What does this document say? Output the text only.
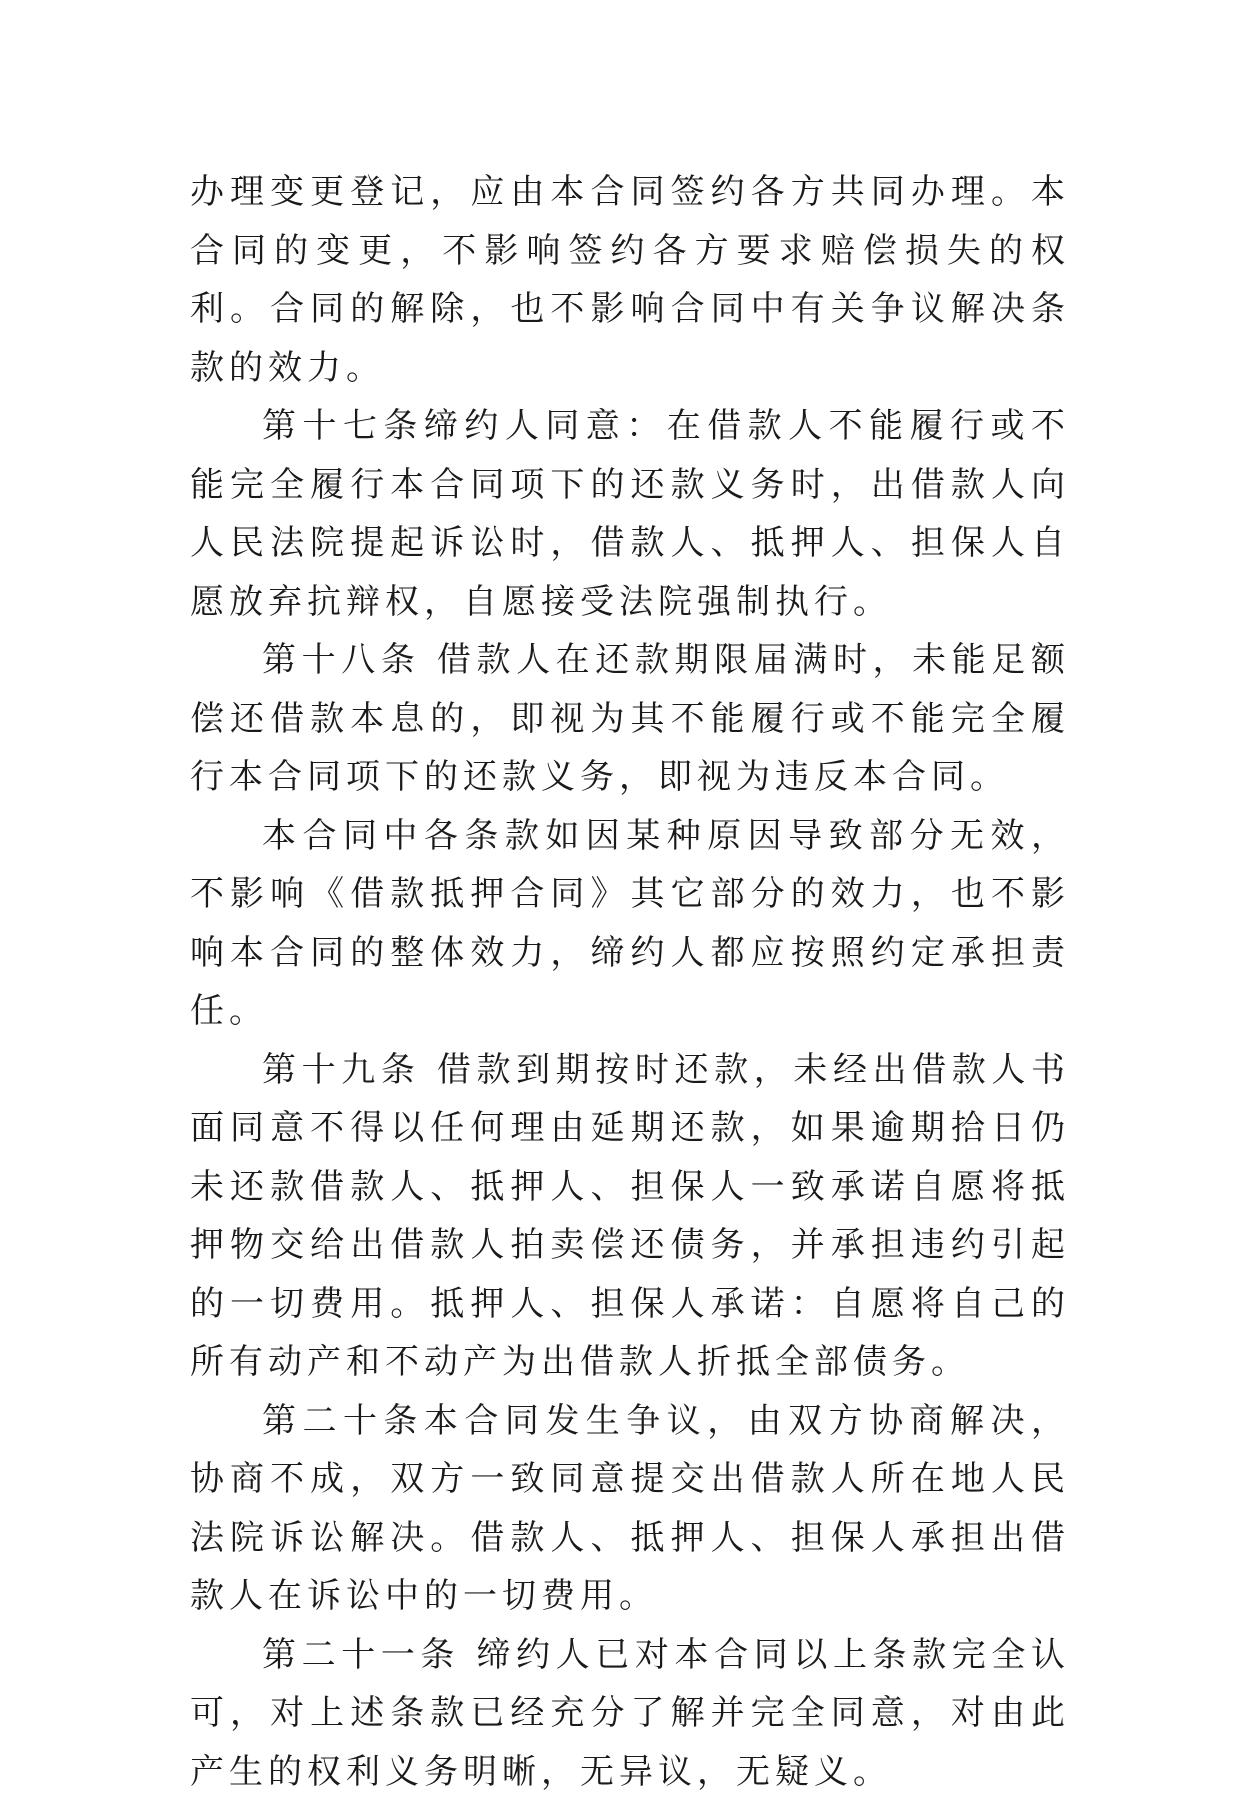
办理变更登记，应由本合同签约各方共同办理。本合同的变更，不影响签约各方要求赔偿损失的权利。合同的解除，也不影响合同中有关争议解决条款的效力。

第十七条缔约人同意：在借款人不能履行或不能完全履行本合同项下的还款义务时，出借款人向人民法院提起诉讼时，借款人、抵押人、担保人自愿放弃抗辩权，自愿接受法院强制执行。

第十八条 借款人在还款期限届满时，未能足额偿还借款本息的，即视为其不能履行或不能完全履行本合同项下的还款义务，即视为违反本合同。

本合同中各条款如因某种原因导致部分无效，不影响《借款抵押合同》其它部分的效力，也不影响本合同的整体效力，缔约人都应按照约定承担责任。

第十九条 借款到期按时还款，未经出借款人书面同意不得以任何理由延期还款，如果逾期拾日仍未还款借款人、抵押人、担保人一致承诺自愿将抵押物交给出借款人拍卖偿还债务，并承担违约引起的一切费用。抵押人、担保人承诺：自愿将自己的所有动产和不动产为出借款人折抵全部债务。

第二十条本合同发生争议，由双方协商解决，协商不成，双方一致同意提交出借款人所在地人民法院诉讼解决。借款人、抵押人、担保人承担出借款人在诉讼中的一切费用。

第二十一条 缔约人已对本合同以上条款完全认可，对上述条款已经充分了解并完全同意，对由此产生的权利义务明晰，无异议，无疑义。
